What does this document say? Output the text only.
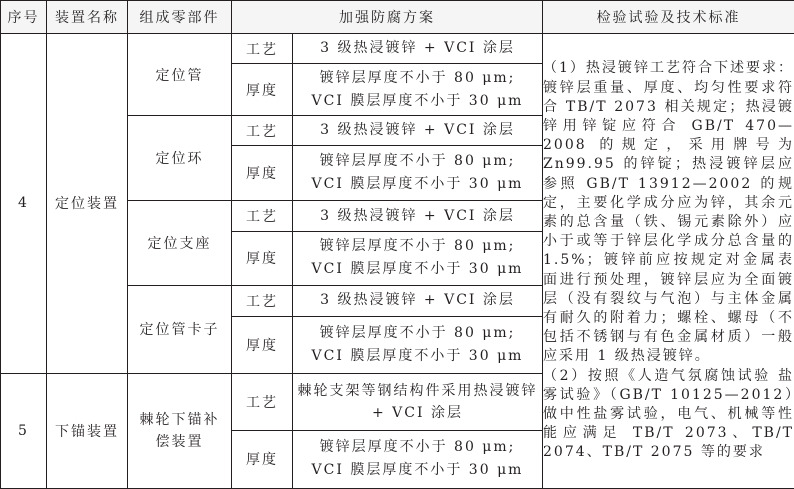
序号	装置名称	组成零部件	加强防腐方案		检验试验及技术标准
4	定位装置	定位管	工艺	3 级热浸镀锌 + VCI 涂层	（1）热浸镀锌工艺符合下述要求：镀锌层重量、厚度、均匀性要求符合 TB/T 2073 相关规定；热浸镀锌用锌锭应符合 GB/T 470—2008 的规定，采用牌号为 Zn99.95 的锌锭；热浸镀锌层应参照 GB/T 13912—2002 的规定，主要化学成分应为锌，其余元素的总含量（铁、锡元素除外）应小于或等于锌层化学成分总含量的 1.5%；镀锌前应按规定对金属表面进行预处理，镀锌层应为全面镀层（没有裂纹与气泡）与主体金属有耐久的附着力；螺栓、螺母（不包括不锈钢与有色金属材质）一般应采用 1 级热浸镀锌。

（2）按照《人造气氛腐蚀试验 盐雾试验》（GB/T 10125—2012）做中性盐雾试验，电气、机械等性能应满足 TB/T 2073、TB/T 2074、TB/T 2075 等的要求

			厚度	镀锌层厚度不小于 80 μm;
VCI 膜层厚度不小于 30 μm	

		定位环	工艺	3 级热浸镀锌 + VCI 涂层	
			厚度	镀锌层厚度不小于 80 μm;
VCI 膜层厚度不小于 30 μm	

		定位支座	工艺	3 级热浸镀锌 + VCI 涂层	
			厚度	镀锌层厚度不小于 80 μm;
VCI 膜层厚度不小于 30 μm	

		定位管卡子	工艺	3 级热浸镀锌 + VCI 涂层	
			厚度	镀锌层厚度不小于 80 μm;
VCI 膜层厚度不小于 30 μm	

5	下锚装置	棘轮下锚补偿装置	工艺	棘轮支架等钢结构件采用热浸镀锌 + VCI 涂层	
			厚度	镀锌层厚度不小于 80 μm;
VCI 膜层厚度不小于 30 μm	
